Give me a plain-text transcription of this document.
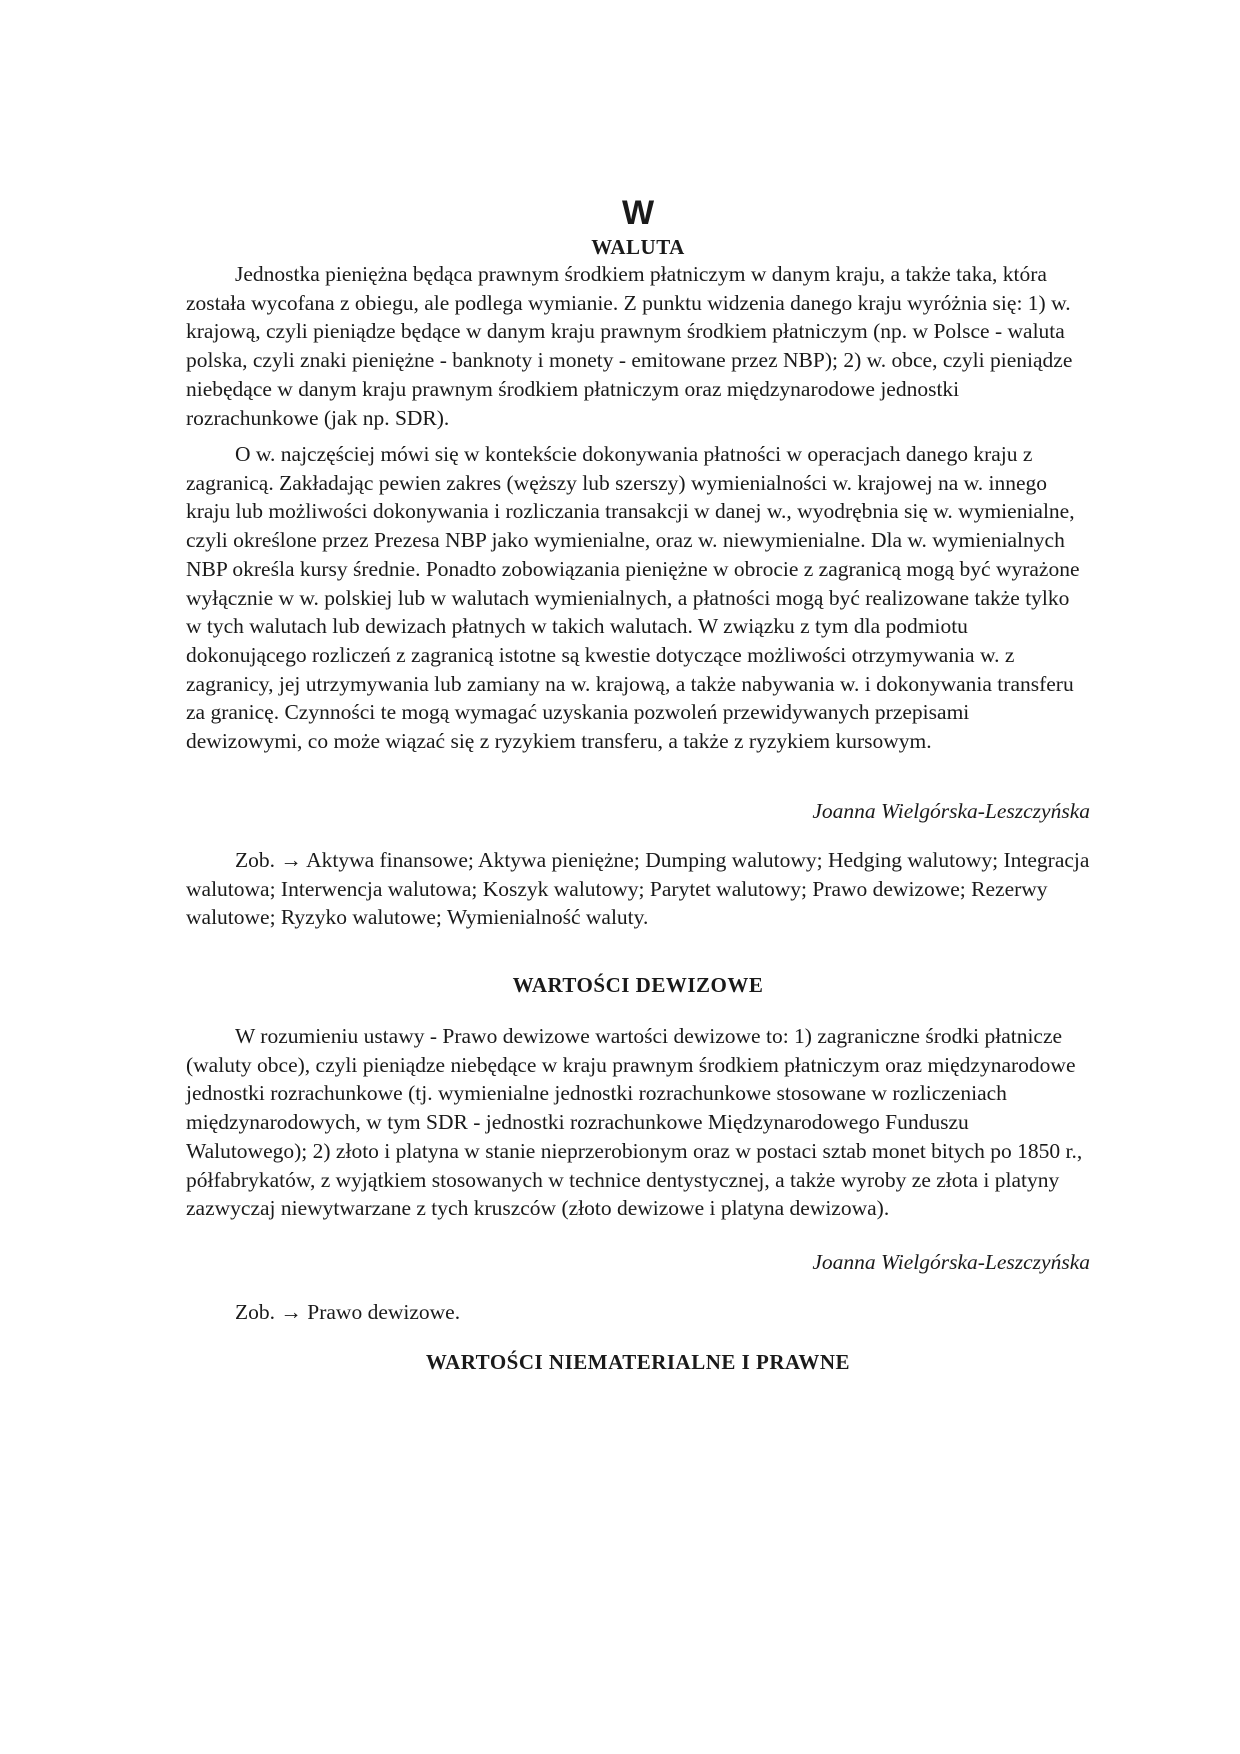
W
WALUTA

Jednostka pieniężna będąca prawnym środkiem płatniczym w danym kraju, a także taka, która została wycofana z obiegu, ale podlega wymianie. Z punktu widzenia danego kraju wyróżnia się: 1) w. krajową, czyli pieniądze będące w danym kraju prawnym środkiem płatniczym (np. w Polsce - waluta polska, czyli znaki pieniężne - banknoty i monety - emitowane przez NBP); 2) w. obce, czyli pieniądze niebędące w danym kraju prawnym środkiem płatniczym oraz międzynarodowe jednostki rozrachunkowe (jak np. SDR).

O w. najczęściej mówi się w kontekście dokonywania płatności w operacjach danego kraju z zagranicą. Zakładając pewien zakres (węższy lub szerszy) wymienialności w. krajowej na w. innego kraju lub możliwości dokonywania i rozliczania transakcji w danej w., wyodrębnia się w. wymienialne, czyli określone przez Prezesa NBP jako wymienialne, oraz w. niewymienialne. Dla w. wymienialnych NBP określa kursy średnie. Ponadto zobowiązania pieniężne w obrocie z zagranicą mogą być wyrażone wyłącznie w w. polskiej lub w walutach wymienialnych, a płatności mogą być realizowane także tylko w tych walutach lub dewizach płatnych w takich walutach. W związku z tym dla podmiotu dokonującego rozliczeń z zagranicą istotne są kwestie dotyczące możliwości otrzymywania w. z zagranicy, jej utrzymywania lub zamiany na w. krajową, a także nabywania w. i dokonywania transferu za granicę. Czynności te mogą wymagać uzyskania pozwoleń przewidywanych przepisami dewizowymi, co może wiązać się z ryzykiem transferu, a także z ryzykiem kursowym.

Joanna Wielgórska-Leszczyńska

Zob. → Aktywa finansowe; Aktywa pieniężne; Dumping walutowy; Hedging walutowy; Integracja walutowa; Interwencja walutowa; Koszyk walutowy; Parytet walutowy; Prawo dewizowe; Rezerwy walutowe; Ryzyko walutowe; Wymienialność waluty.

WARTOŚCI DEWIZOWE

W rozumieniu ustawy - Prawo dewizowe wartości dewizowe to: 1) zagraniczne środki płatnicze (waluty obce), czyli pieniądze niebędące w kraju prawnym środkiem płatniczym oraz międzynarodowe jednostki rozrachunkowe (tj. wymienialne jednostki rozrachunkowe stosowane w rozliczeniach międzynarodowych, w tym SDR - jednostki rozrachunkowe Międzynarodowego Funduszu Walutowego); 2) złoto i platyna w stanie nieprzerobionym oraz w postaci sztab monet bitych po 1850 r., półfabrykatów, z wyjątkiem stosowanych w technice dentystycznej, a także wyroby ze złota i platyny zazwyczaj niewytwarzane z tych kruszców (złoto dewizowe i platyna dewizowa).

Joanna Wielgórska-Leszczyńska

Zob. → Prawo dewizowe.

WARTOŚCI NIEMATERIALNE I PRAWNE
